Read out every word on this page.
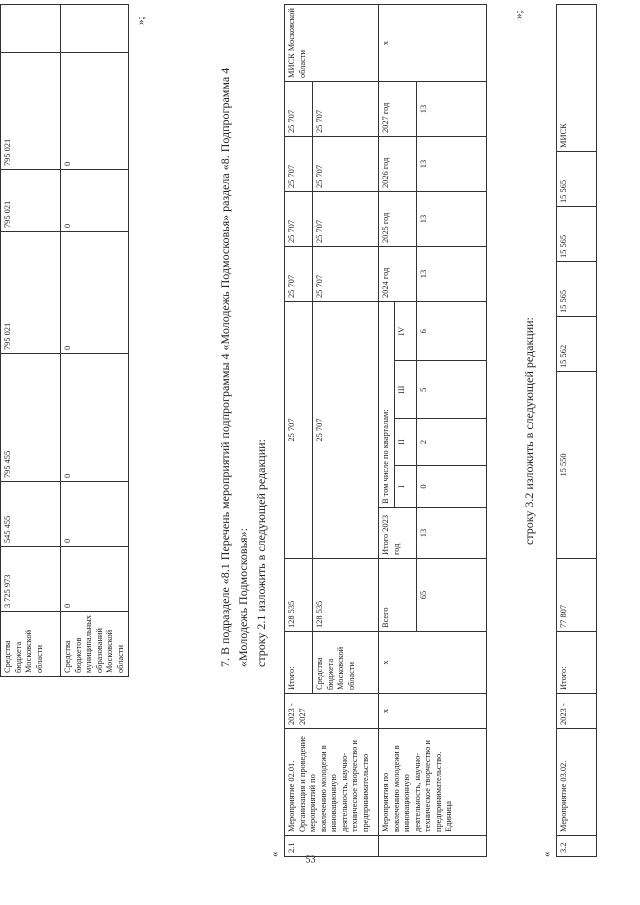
53
Средства бюджета Московской области	3 725 973	545 455	795 455	795 021	795 021	795 021	
Средства бюджетов муниципальных образований Московской области	0	0	0	0	0	0	
»;
7. В подразделе «8.1 Перечень мероприятий подпрограммы 4 «Молодежь Подмосковья» раздела «8. Подпрограмма 4 «Молодежь Подмосковья»: строку 2.1 изложить в следующей редакции:
«
2.1	Мероприятие 02.01. Организация и проведение мероприятий по вовлечению молодежи в инновационную деятельность, научно-техническое творчество и предпринимательство	2023 - 2027	Итого:	128 535	25 707					25 707	25 707	25 707	25 707	МИСК Московской области
			Средства бюджета Московской области	128 535	25 707					25 707	25 707	25 707	25 707	
	Мероприятия по вовлечению молодежи в инновационную деятельность, научно-техническое творчество и предпринимательство. Единица	х	х	Всего	Итого 2023 год	В том числе по кварталам:				2024 год	2025 год	2026 год	2027 год	х
						I	II	III	IV					
				65	13	0	2	5	6	13	13	13	13	
»;
строку 3.2 изложить в следующей редакции:
«
3.2	Мероприятие 03.02.	2023 -	Итого:	77 807	15 550	15 562	15 565	15 565	15 565	МИСК
